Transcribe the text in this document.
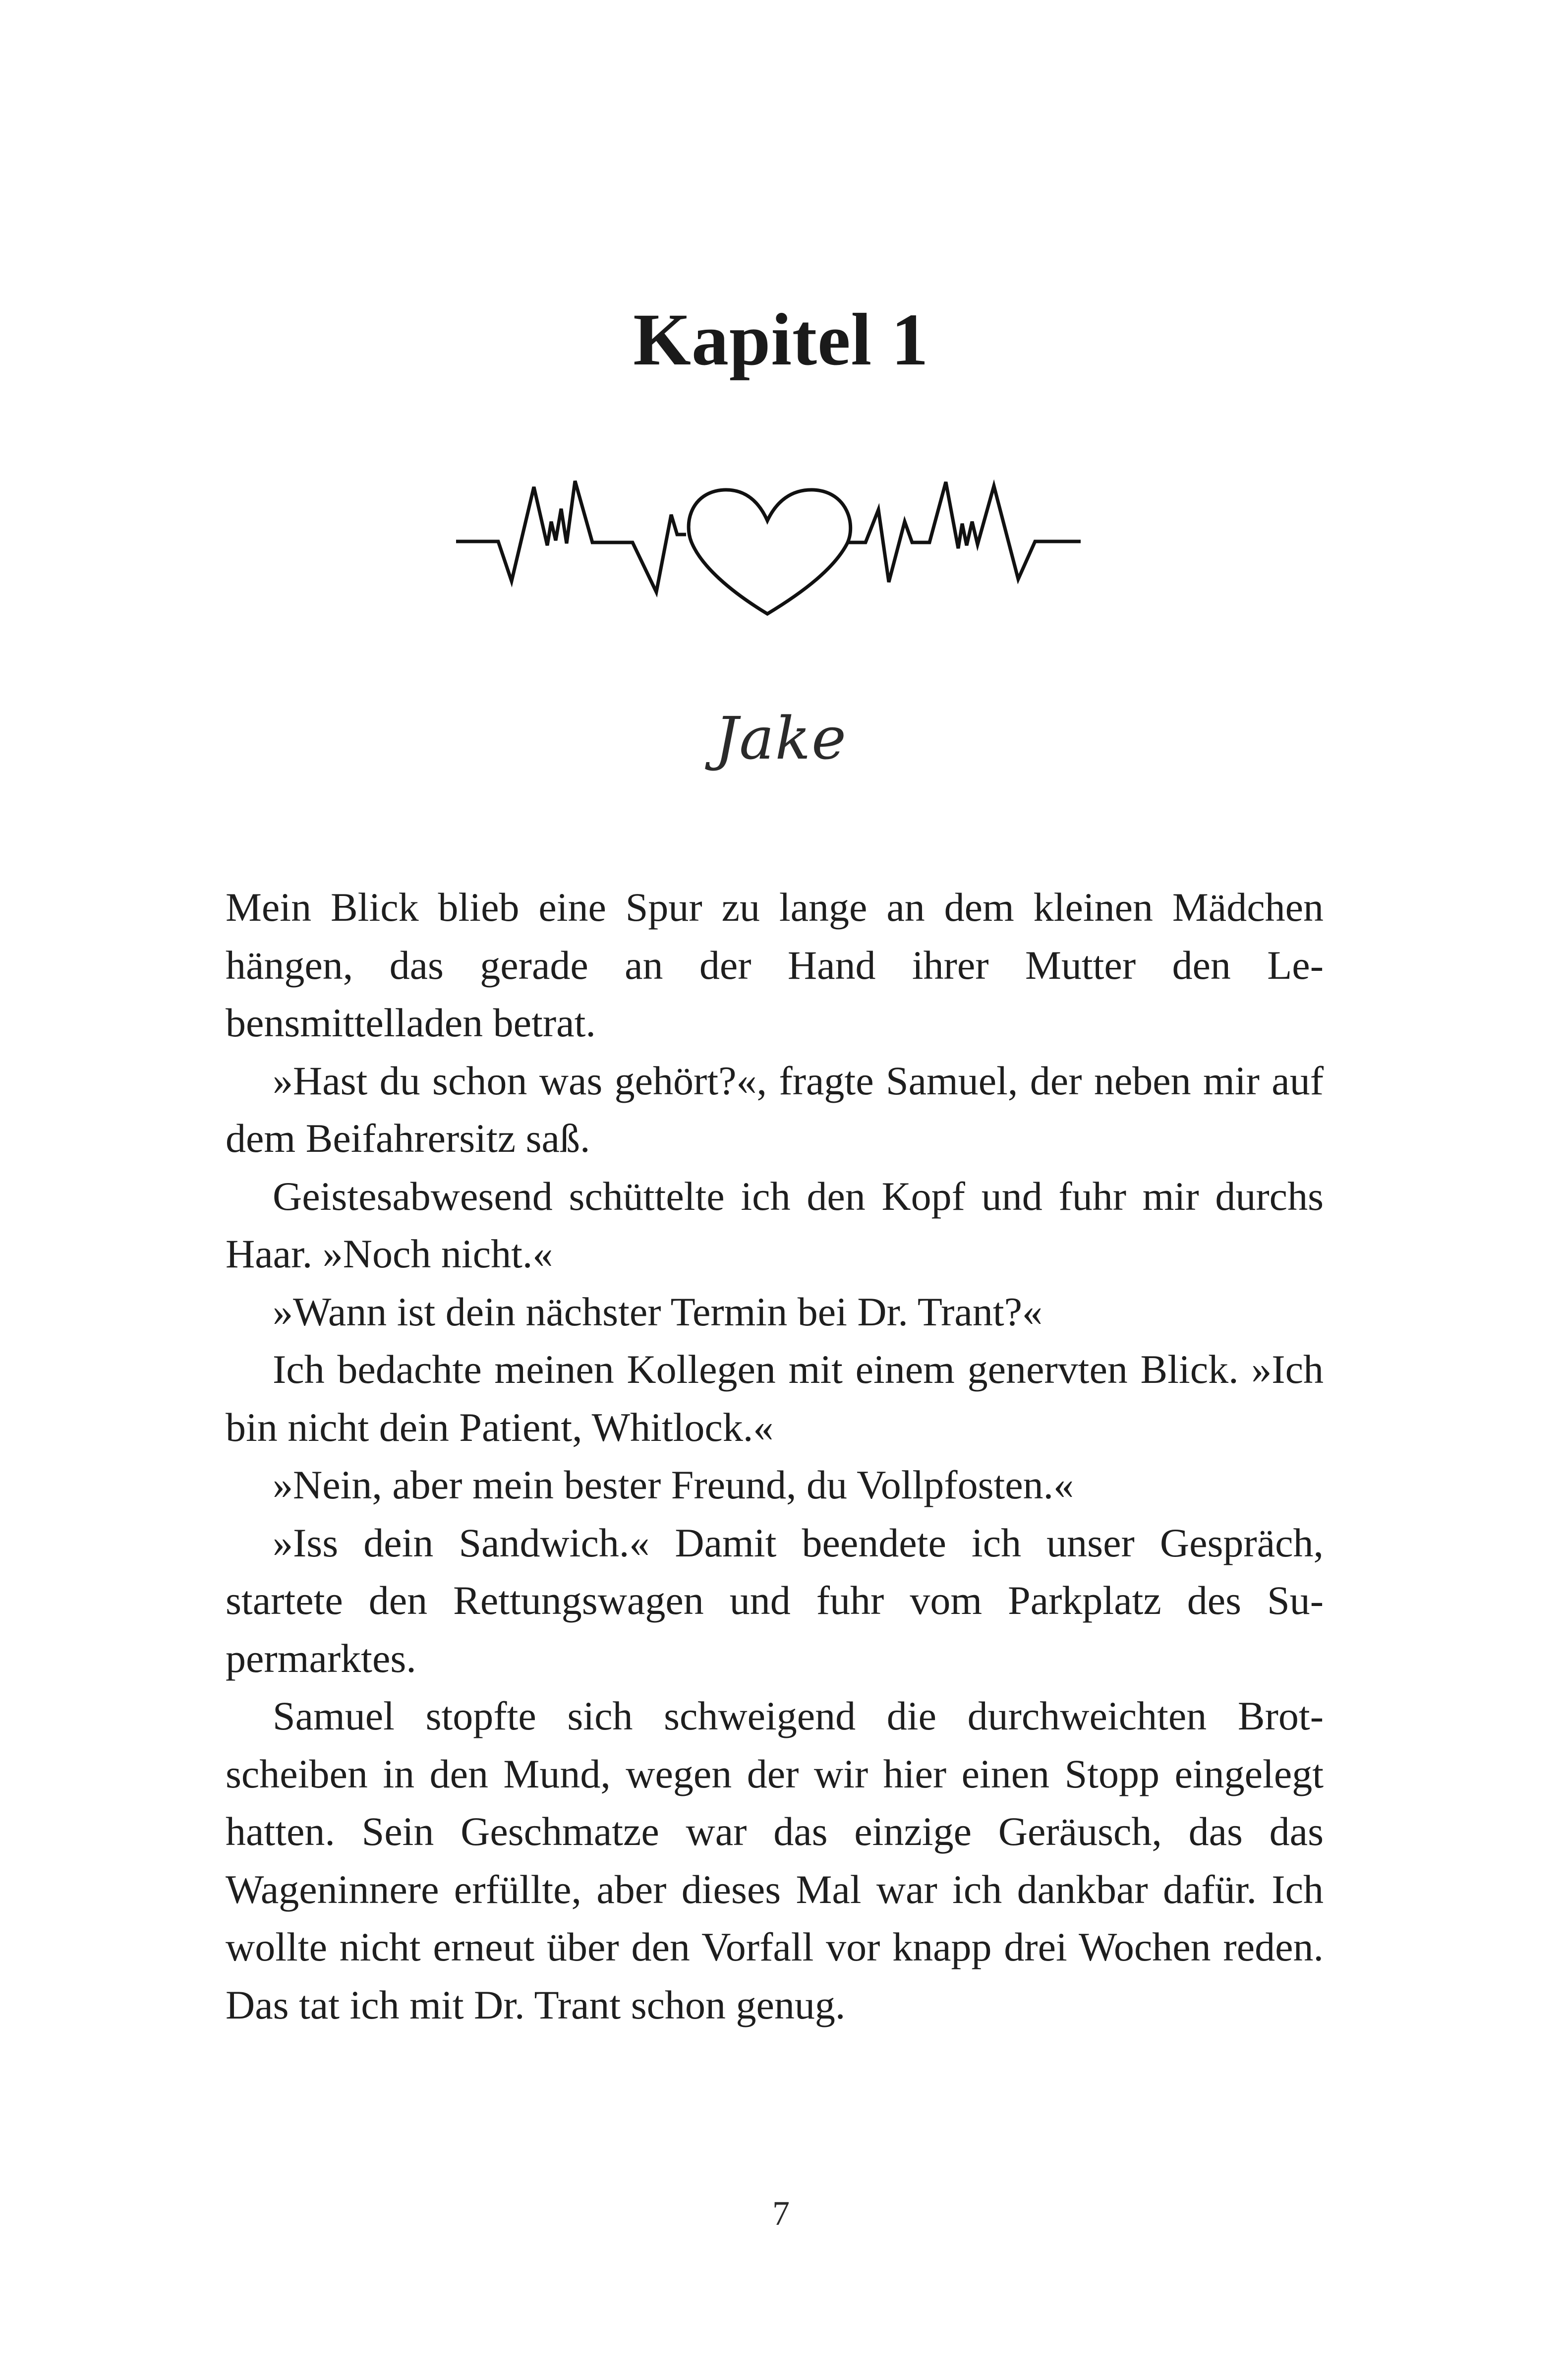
Kapitel 1
Jake

Mein Blick blieb eine Spur zu lange an dem kleinen Mädchen hängen, das gerade an der Hand ihrer Mutter den Lebensmittelladen betrat.

»Hast du schon was gehört?«, fragte Samuel, der neben mir auf dem Beifahrersitz saß.

Geistesabwesend schüttelte ich den Kopf und fuhr mir durchs Haar. »Noch nicht.«

»Wann ist dein nächster Termin bei Dr. Trant?«

Ich bedachte meinen Kollegen mit einem genervten Blick. »Ich bin nicht dein Patient, Whitlock.«

»Nein, aber mein bester Freund, du Vollpfosten.«

»Iss dein Sandwich.« Damit beendete ich unser Gespräch, startete den Rettungswagen und fuhr vom Parkplatz des Supermarktes.

Samuel stopfte sich schweigend die durchweichten Brotscheiben in den Mund, wegen der wir hier einen Stopp eingelegt hatten. Sein Geschmatze war das einzige Geräusch, das das Wageninnere erfüllte, aber dieses Mal war ich dankbar dafür. Ich wollte nicht erneut über den Vorfall vor knapp drei Wochen reden. Das tat ich mit Dr. Trant schon genug.

7
